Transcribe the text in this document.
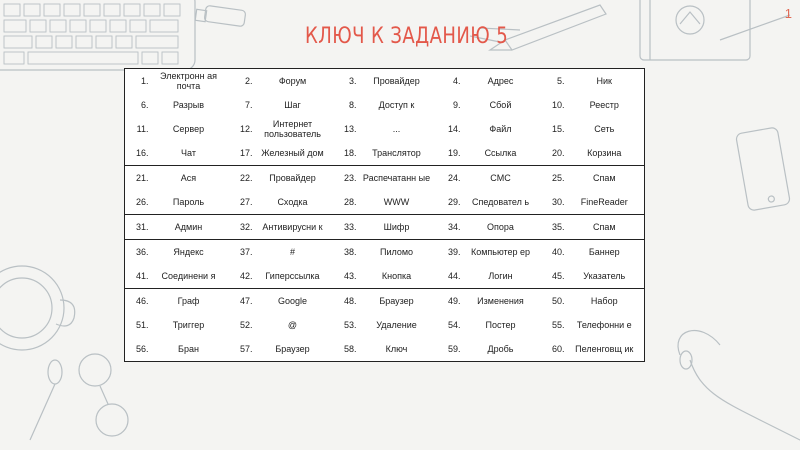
1
КЛЮЧ К ЗАДАНИЮ 5
1.	Электронн ая почта	2.	Форум	3.	Провайдер	4.	Адрес	5.	Ник
6.	Разрыв	7.	Шаг	8.	Доступ к	9.	Сбой	10.	Реестр
11.	Сервер	12.	Интернет пользователь	13.	...	14.	Файл	15.	Сеть
16.	Чат	17.	Железный дом	18.	Транслятор	19.	Ссылка	20.	Корзина
21.	Ася	22.	Провайдер	23.	Распечатанн ые	24.	СМС	25.	Спам
26.	Пароль	27.	Сходка	28.	WWW	29.	Спедовател ь	30.	FineReader
31.	Админ	32.	Антивирусни к	33.	Шифр	34.	Опора	35.	Спам
36.	Яндекс	37.	#	38.	Пиломо	39.	Компьютер ер	40.	Баннер
41.	Соединени я	42.	Гиперссылка	43.	Кнопка	44.	Логин	45.	Указатель
46.	Граф	47.	Google	48.	Браузер	49.	Изменения	50.	Набор
51.	Триггер	52.	@	53.	Удаление	54.	Постер	55.	Телефонни е
56.	Бран	57.	Браузер	58.	Ключ	59.	Дробь	60.	Пеленговщ ик
